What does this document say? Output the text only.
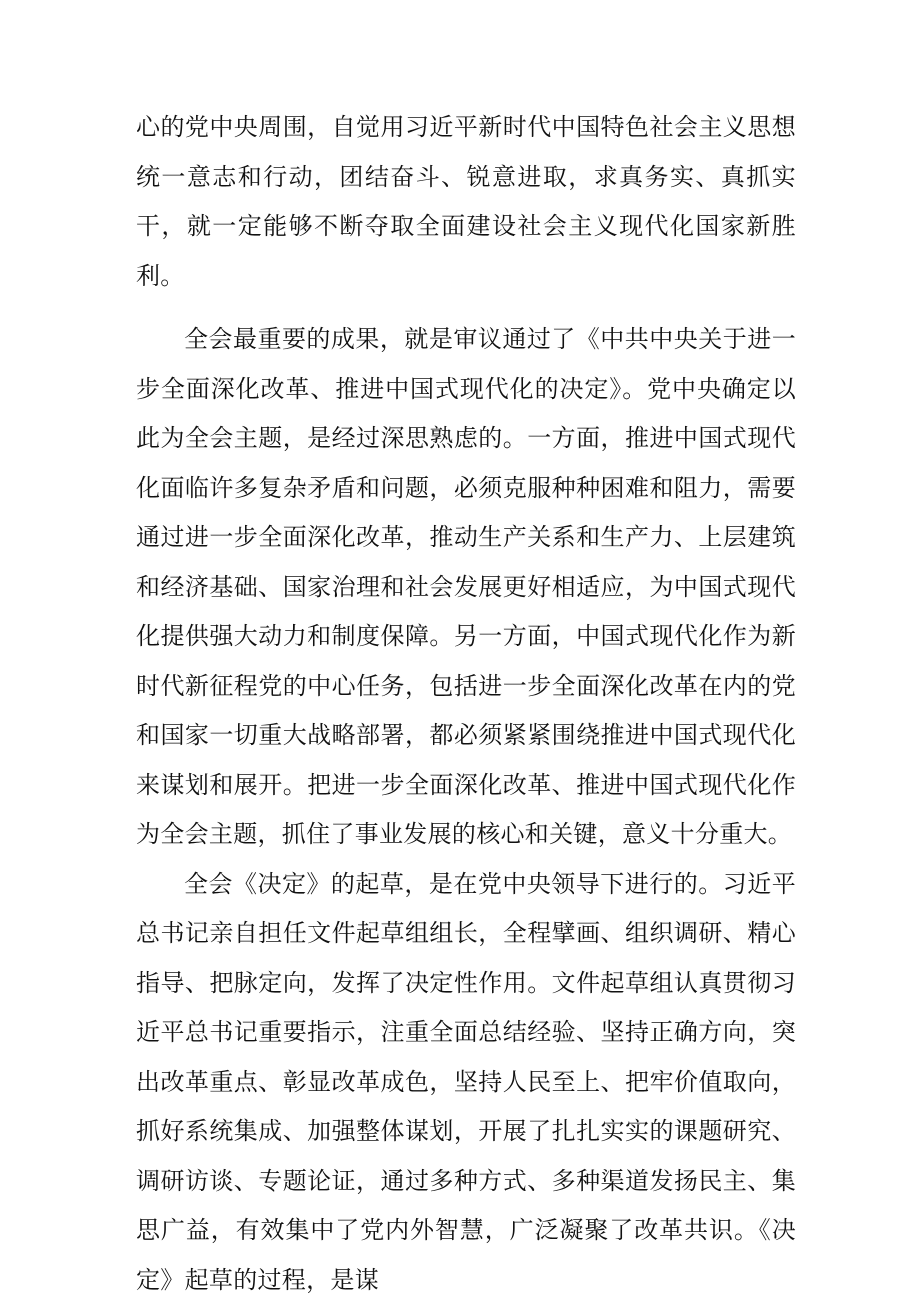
心的党中央周围，自觉用习近平新时代中国特色社会主义思想统一意志和行动，团结奋斗、锐意进取，求真务实、真抓实干，就一定能够不断夺取全面建设社会主义现代化国家新胜利。

全会最重要的成果，就是审议通过了《中共中央关于进一步全面深化改革、推进中国式现代化的决定》。党中央确定以此为全会主题，是经过深思熟虑的。一方面，推进中国式现代化面临许多复杂矛盾和问题，必须克服种种困难和阻力，需要通过进一步全面深化改革，推动生产关系和生产力、上层建筑和经济基础、国家治理和社会发展更好相适应，为中国式现代化提供强大动力和制度保障。另一方面，中国式现代化作为新时代新征程党的中心任务，包括进一步全面深化改革在内的党和国家一切重大战略部署，都必须紧紧围绕推进中国式现代化来谋划和展开。把进一步全面深化改革、推进中国式现代化作为全会主题，抓住了事业发展的核心和关键，意义十分重大。

全会《决定》的起草，是在党中央领导下进行的。习近平总书记亲自担任文件起草组组长，全程擘画、组织调研、精心指导、把脉定向，发挥了决定性作用。文件起草组认真贯彻习近平总书记重要指示，注重全面总结经验、坚持正确方向，突出改革重点、彰显改革成色，坚持人民至上、把牢价值取向，抓好系统集成、加强整体谋划，开展了扎扎实实的课题研究、调研访谈、专题论证，通过多种方式、多种渠道发扬民主、集思广益，有效集中了党内外智慧，广泛凝聚了改革共识。《决定》起草的过程，是谋
